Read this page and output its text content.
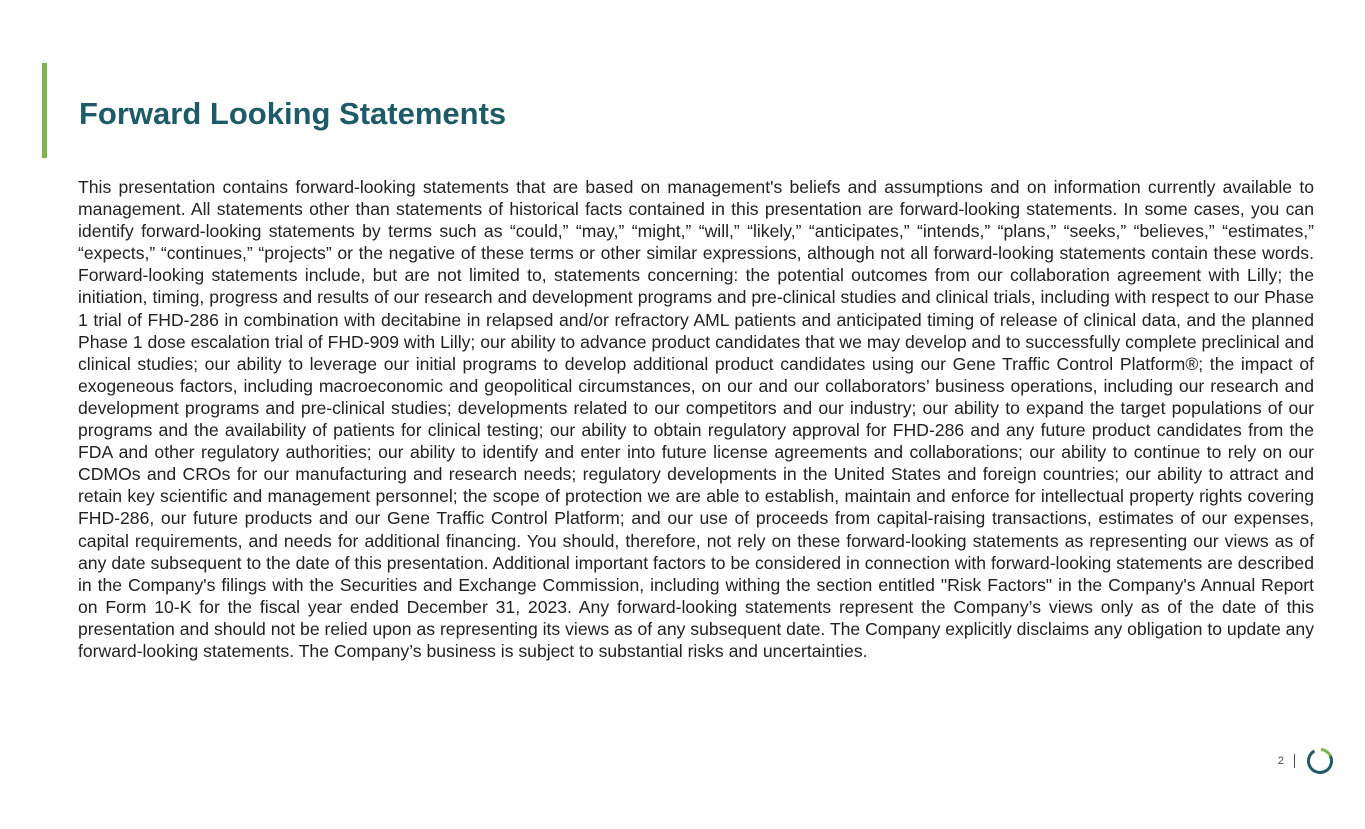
Forward Looking Statements

This presentation contains forward-looking statements that are based on management's beliefs and assumptions and on information currently available to management. All statements other than statements of historical facts contained in this presentation are forward-looking statements. In some cases, you can identify forward-looking statements by terms such as “could,” “may,” “might,” “will,” “likely,” “anticipates,” “intends,” “plans,” “seeks,” “believes,” “estimates,” “expects,” “continues,” “projects” or the negative of these terms or other similar expressions, although not all forward-looking statements contain these words. Forward-looking statements include, but are not limited to, statements concerning: the potential outcomes from our collaboration agreement with Lilly; the initiation, timing, progress and results of our research and development programs and pre-clinical studies and clinical trials, including with respect to our Phase 1 trial of FHD-286 in combination with decitabine in relapsed and/or refractory AML patients and anticipated timing of release of clinical data, and the planned Phase 1 dose escalation trial of FHD-909 with Lilly; our ability to advance product candidates that we may develop and to successfully complete preclinical and clinical studies; our ability to leverage our initial programs to develop additional product candidates using our Gene Traffic Control Platform®; the impact of exogeneous factors, including macroeconomic and geopolitical circumstances, on our and our collaborators’ business operations, including our research and development programs and pre-clinical studies; developments related to our competitors and our industry; our ability to expand the target populations of our programs and the availability of patients for clinical testing; our ability to obtain regulatory approval for FHD-286 and any future product candidates from the FDA and other regulatory authorities; our ability to identify and enter into future license agreements and collaborations; our ability to continue to rely on our CDMOs and CROs for our manufacturing and research needs; regulatory developments in the United States and foreign countries; our ability to attract and retain key scientific and management personnel; the scope of protection we are able to establish, maintain and enforce for intellectual property rights covering FHD-286, our future products and our Gene Traffic Control Platform; and our use of proceeds from capital-raising transactions, estimates of our expenses, capital requirements, and needs for additional financing. You should, therefore, not rely on these forward-looking statements as representing our views as of any date subsequent to the date of this presentation. Additional important factors to be considered in connection with forward-looking statements are described in the Company's filings with the Securities and Exchange Commission, including withing the section entitled "Risk Factors" in the Company's Annual Report on Form 10-K for the fiscal year ended December 31, 2023. Any forward-looking statements represent the Company’s views only as of the date of this presentation and should not be relied upon as representing its views as of any subsequent date. The Company explicitly disclaims any obligation to update any forward-looking statements. The Company’s business is subject to substantial risks and uncertainties.

2
